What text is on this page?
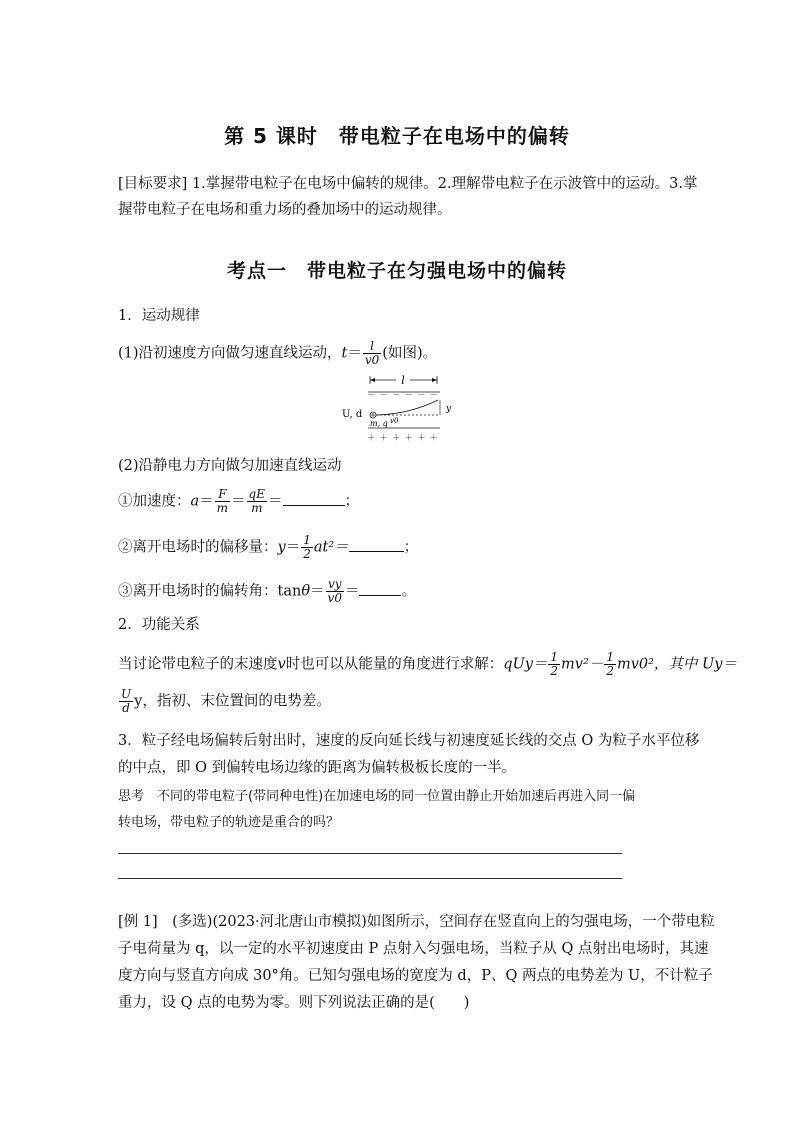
第 5 课时　带电粒子在电场中的偏转
[目标要求] 1.掌握带电粒子在电场中偏转的规律。2.理解带电粒子在示波管中的运动。3.掌
握带电粒子在电场和重力场的叠加场中的运动规律。
考点一　带电粒子在匀强电场中的偏转
1．运动规律
(1)沿初速度方向做匀速直线运动，$t= \frac{l}{v0}$ (如图)。
l
－ － － － － －
＋ ＋ ＋ ＋ ＋ ＋
y
U, d
m, q v0
(2)沿静电力方向做匀加速直线运动
①加速度：$a= \frac{F}{m} = \frac{qE}{m}$ ＝	；
②离开电场时的偏移量：$y= \frac{1}{2} at^2=$	；
③离开电场时的偏转角：$\tan\theta= \frac{vy}{v0}$ ＝	。
2．功能关系
当讨论带电粒子的末速度v时也可以从能量的角度进行求解：$qUy= \frac{1}{2} mv^2- \frac{1}{2} mv0^2$，其中 Uy＝
$\frac{U}{d}$ y，指初、末位置间的电势差。
3．粒子经电场偏转后射出时，速度的反向延长线与初速度延长线的交点 O 为粒子水平位移
的中点，即 O 到偏转电场边缘的距离为偏转极板长度的一半。
思考　不同的带电粒子(带同种电性)在加速电场的同一位置由静止开始加速后再进入同一偏
转电场，带电粒子的轨迹是重合的吗？
[例 1]　(多选)(2023·河北唐山市模拟)如图所示，空间存在竖直向上的匀强电场，一个带电粒
子电荷量为 q，以一定的水平初速度由 P 点射入匀强电场，当粒子从 Q 点射出电场时，其速
度方向与竖直方向成 30°角。已知匀强电场的宽度为 d，P、Q 两点的电势差为 U，不计粒子
重力，设 Q 点的电势为零。则下列说法正确的是(　　)
